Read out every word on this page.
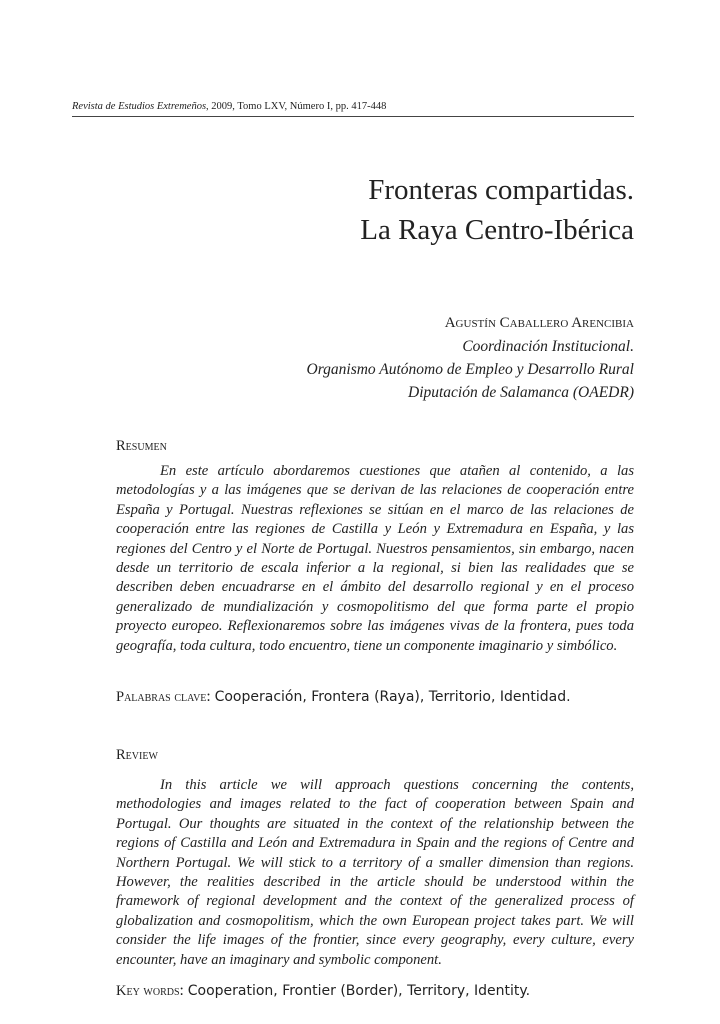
Revista de Estudios Extremeños, 2009, Tomo LXV, Número I, pp. 417-448
Fronteras compartidas.
La Raya Centro-Ibérica
Agustín Caballero Arencibia
Coordinación Institucional.
Organismo Autónomo de Empleo y Desarrollo Rural
Diputación de Salamanca (OAEDR)
Resumen
En este artículo abordaremos cuestiones que atañen al contenido, a las metodologías y a las imágenes que se derivan de las relaciones de cooperación entre España y Portugal. Nuestras reflexiones se sitúan en el marco de las relaciones de cooperación entre las regiones de Castilla y León y Extremadura en España, y las regiones del Centro y el Norte de Portugal. Nuestros pensamientos, sin embargo, nacen desde un territorio de escala inferior a la regional, si bien las realidades que se describen deben encuadrarse en el ámbito del desarrollo regional y en el proceso generalizado de mundialización y cosmopolitismo del que forma parte el propio proyecto europeo. Reflexionaremos sobre las imágenes vivas de la frontera, pues toda geografía, toda cultura, todo encuentro, tiene un componente imaginario y simbólico.
Palabras clave: Cooperación, Frontera (Raya), Territorio, Identidad.
Review
In this article we will approach questions concerning the contents, methodologies and images related to the fact of cooperation between Spain and Portugal. Our thoughts are situated in the context of the relationship between the regions of Castilla and León and Extremadura in Spain and the regions of Centre and Northern Portugal. We will stick to a territory of a smaller dimension than regions. However, the realities described in the article should be understood within the framework of regional development and the context of the generalized process of globalization and cosmopolitism, which the own European project takes part. We will consider the life images of the frontier, since every geography, every culture, every encounter, have an imaginary and symbolic component.
Key words: Cooperation, Frontier (Border), Territory, Identity.
